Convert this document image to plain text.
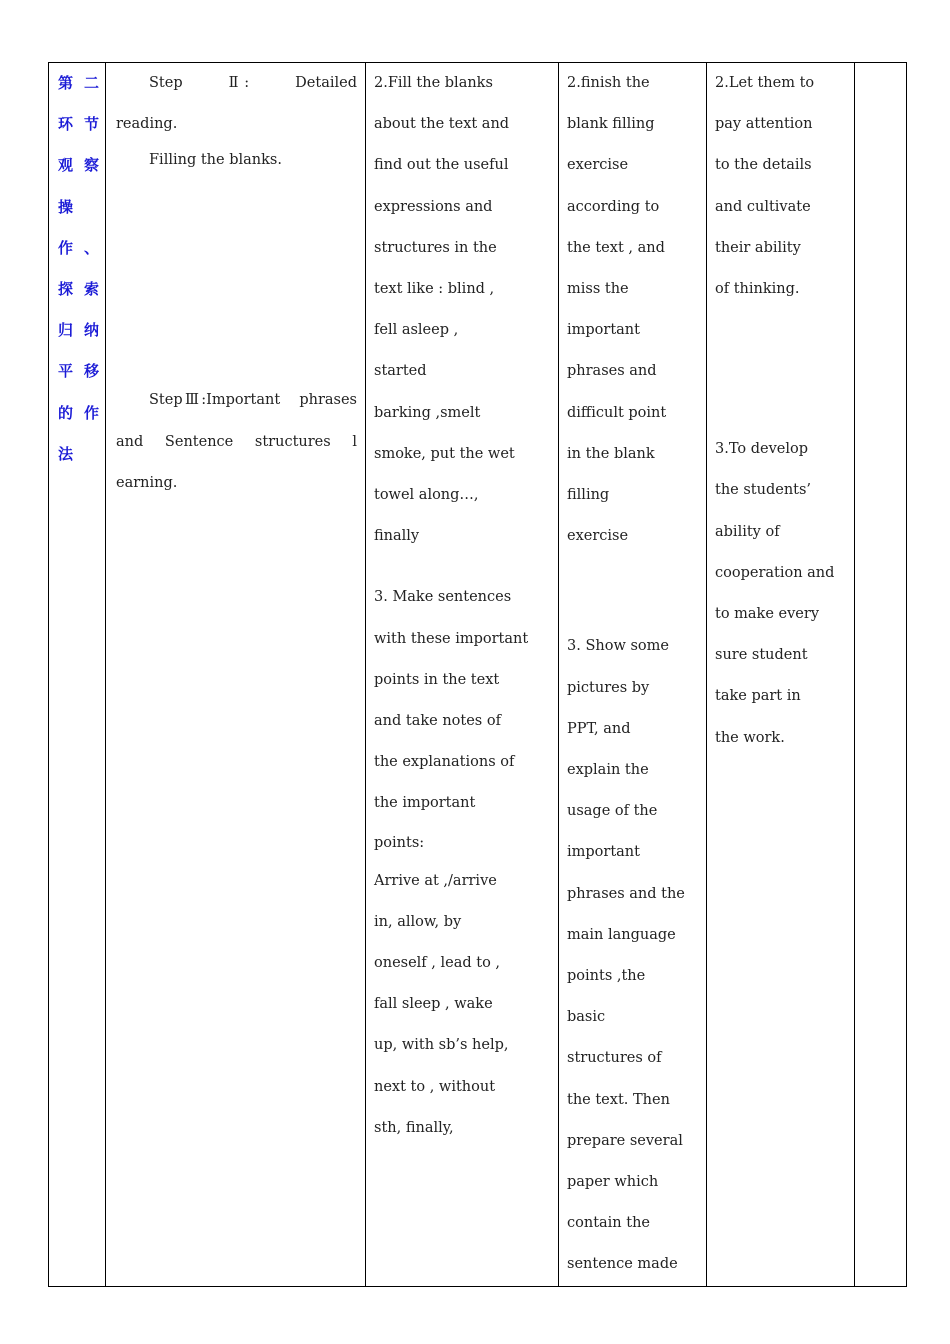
第二
环节
观察
操
作、
探索
归纳
平移
的作
法

Step　　Ⅱ:　　Detailed
reading.
Filling the blanks.
StepⅢ:Important　phrases
and　Sentence　structures　l
earning.

2.Fill the blanks
about the text and
find out the useful
expressions and
structures in the
text like : blind ,
fell asleep ,
started
barking ,smelt
smoke, put the wet
towel along…,
finally
3. Make sentences
with these important
points in the text
and take notes of
the explanations of
the important
points:
Arrive at ,/arrive
in, allow, by
oneself , lead to ,
fall sleep , wake
up, with sb’s help,
next to , without
sth, finally,

2.finish the
blank filling
exercise
according to
the text , and
miss the
important
phrases and
difficult point
in the blank
filling
exercise
3. Show some
pictures by
PPT, and
explain the
usage of the
important
phrases and the
main language
points ,the
basic
structures of
the text. Then
prepare several
paper which
contain the
sentence made

2.Let them to
pay attention
to the details
and cultivate
their ability
of thinking.
3.To develop
the students’
ability of
cooperation and
to make every
sure student
take part in
the work.
